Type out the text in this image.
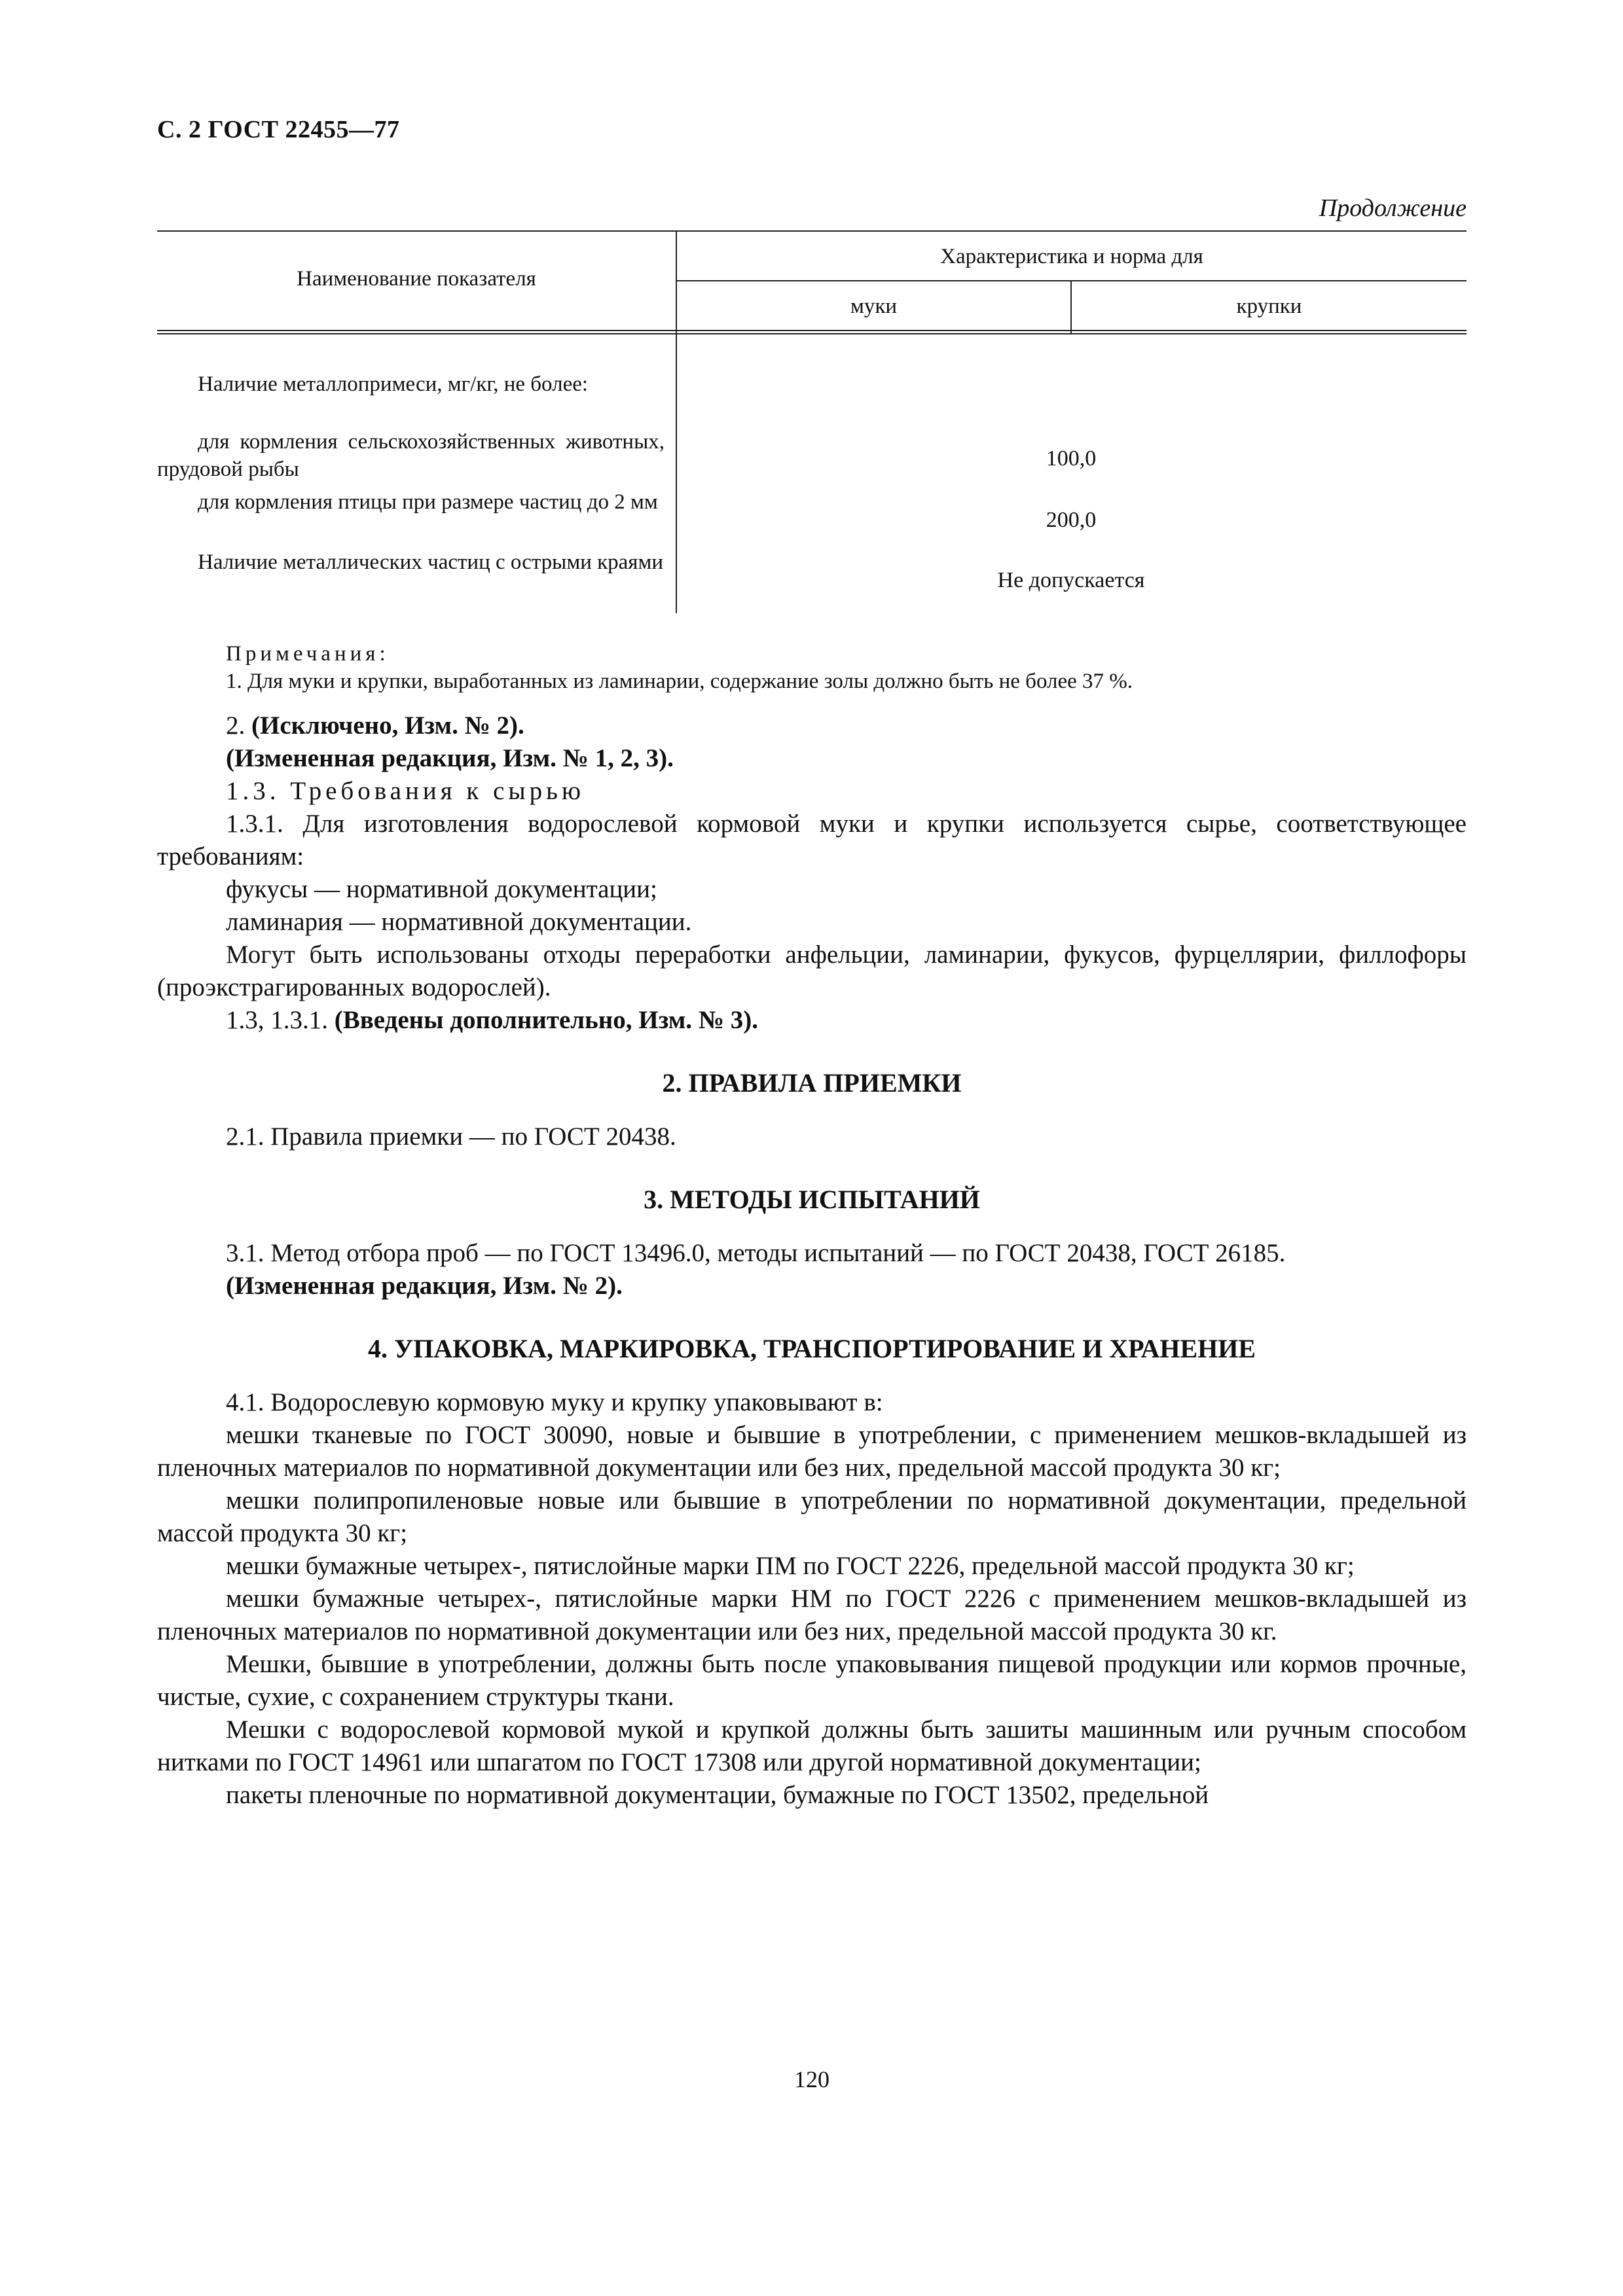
С. 2 ГОСТ 22455—77
Продолжение
Наименование показателя
Характеристика и норма для
муки	крупки
Наличие металлопримеси, мг/кг, не более:
для кормления сельскохозяйственных животных, прудовой рыбы	100,0
для кормления птицы при размере частиц до 2 мм
200,0
Наличие металлических частиц с острыми краями
Не допускается

Примечания:

1. Для муки и крупки, выработанных из ламинарии, содержание золы должно быть не более 37 %.

2. (Исключено, Изм. № 2).

(Измененная редакция, Изм. № 1, 2, 3).

1.3. Требования к сырью

1.3.1. Для изготовления водорослевой кормовой муки и крупки используется сырье, соответствующее требованиям:

фукусы — нормативной документации;

ламинария — нормативной документации.

Могут быть использованы отходы переработки анфельции, ламинарии, фукусов, фурцеллярии, филлофоры (проэкстрагированных водорослей).

1.3, 1.3.1. (Введены дополнительно, Изм. № 3).

2. ПРАВИЛА ПРИЕМКИ

2.1. Правила приемки — по ГОСТ 20438.

3. МЕТОДЫ ИСПЫТАНИЙ

3.1. Метод отбора проб — по ГОСТ 13496.0, методы испытаний — по ГОСТ 20438, ГОСТ 26185.

(Измененная редакция, Изм. № 2).

4. УПАКОВКА, МАРКИРОВКА, ТРАНСПОРТИРОВАНИЕ И ХРАНЕНИЕ

4.1. Водорослевую кормовую муку и крупку упаковывают в:

мешки тканевые по ГОСТ 30090, новые и бывшие в употреблении, с применением мешков-вкладышей из пленочных материалов по нормативной документации или без них, предельной массой продукта 30 кг;

мешки полипропиленовые новые или бывшие в употреблении по нормативной документации, предельной массой продукта 30 кг;

мешки бумажные четырех-, пятислойные марки ПМ по ГОСТ 2226, предельной массой продукта 30 кг;

мешки бумажные четырех-, пятислойные марки НМ по ГОСТ 2226 с применением мешков-вкладышей из пленочных материалов по нормативной документации или без них, предельной массой продукта 30 кг.

Мешки, бывшие в употреблении, должны быть после упаковывания пищевой продукции или кормов прочные, чистые, сухие, с сохранением структуры ткани.

Мешки с водорослевой кормовой мукой и крупкой должны быть зашиты машинным или ручным способом нитками по ГОСТ 14961 или шпагатом по ГОСТ 17308 или другой нормативной документации;

пакеты пленочные по нормативной документации, бумажные по ГОСТ 13502, предельной

120
